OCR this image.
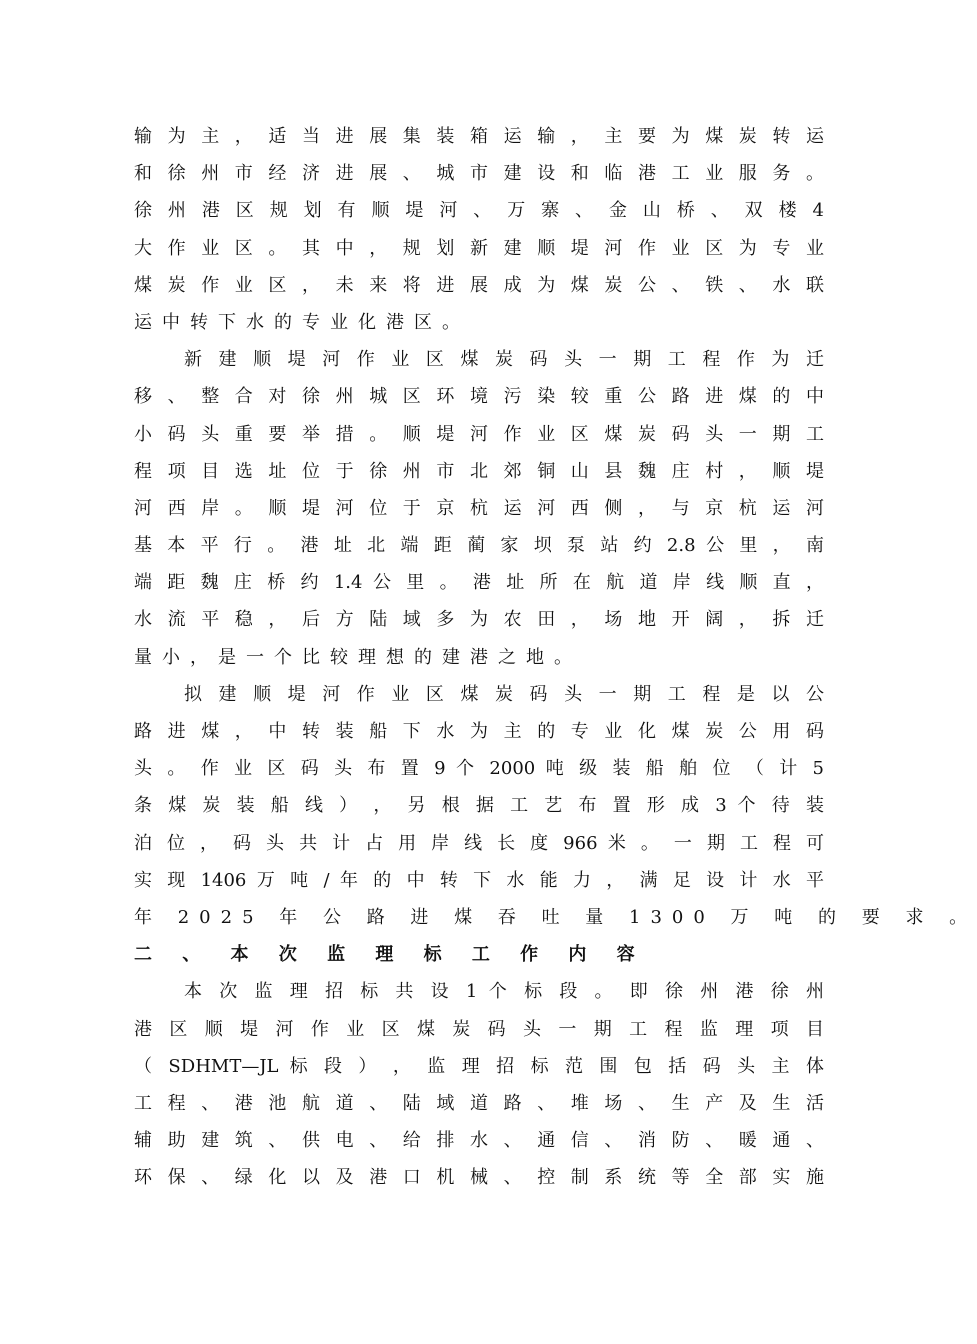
输 为 主 ， 适 当 进 展 集 装 箱 运 输 ， 主 要 为 煤 炭 转 运
和 徐 州 市 经 济 进 展 、 城 市 建 设 和 临 港 工 业 服 务 。
徐 州 港 区 规 划 有 顺 堤 河 、 万 寨 、 金 山 桥 、 双 楼 4
大 作 业 区 。 其 中 ， 规 划 新 建 顺 堤 河 作 业 区 为 专 业
煤 炭 作 业 区 ， 未 来 将 进 展 成 为 煤 炭 公 、 铁 、 水 联
运中转下水的专业化港区。
新 建 顺 堤 河 作 业 区 煤 炭 码 头 一 期 工 程 作 为 迁
移 、 整 合 对 徐 州 城 区 环 境 污 染 较 重 公 路 进 煤 的 中
小 码 头 重 要 举 措 。 顺 堤 河 作 业 区 煤 炭 码 头 一 期 工
程 项 目 选 址 位 于 徐 州 市 北 郊 铜 山 县 魏 庄 村 ， 顺 堤
河 西 岸 。 顺 堤 河 位 于 京 杭 运 河 西 侧 ， 与 京 杭 运 河
基 本 平 行 。 港 址 北 端 距 蔺 家 坝 泵 站 约 2.8 公 里 ， 南
端 距 魏 庄 桥 约 1.4 公 里 。 港 址 所 在 航 道 岸 线 顺 直 ，
水 流 平 稳 ， 后 方 陆 域 多 为 农 田 ， 场 地 开 阔 ， 拆 迁
量小，是一个比较理想的建港之地。
拟 建 顺 堤 河 作 业 区 煤 炭 码 头 一 期 工 程 是 以 公
路 进 煤 ， 中 转 装 船 下 水 为 主 的 专 业 化 煤 炭 公 用 码
头 。 作 业 区 码 头 布 置 9 个 2000 吨 级 装 船 舶 位 （ 计 5
条 煤 炭 装 船 线 ） ， 另 根 据 工 艺 布 置 形 成 3 个 待 装
泊 位 ， 码 头 共 计 占 用 岸 线 长 度 966 米 。 一 期 工 程 可
实 现 1406 万 吨 / 年 的 中 转 下 水 能 力 ， 满 足 设 计 水 平
年 2025 年 公 路 进 煤 吞 吐 量 1300 万 吨 的 要 求 。
二 、 本 次 监 理 标 工 作 内 容
本 次 监 理 招 标 共 设 1 个 标 段 。 即 徐 州 港 徐 州
港 区 顺 堤 河 作 业 区 煤 炭 码 头 一 期 工 程 监 理 项 目
（ SDHMT—JL 标 段 ） ， 监 理 招 标 范 围 包 括 码 头 主 体
工 程 、 港 池 航 道 、 陆 域 道 路 、 堆 场 、 生 产 及 生 活
辅 助 建 筑 、 供 电 、 给 排 水 、 通 信 、 消 防 、 暖 通 、
环 保 、 绿 化 以 及 港 口 机 械 、 控 制 系 统 等 全 部 实 施
